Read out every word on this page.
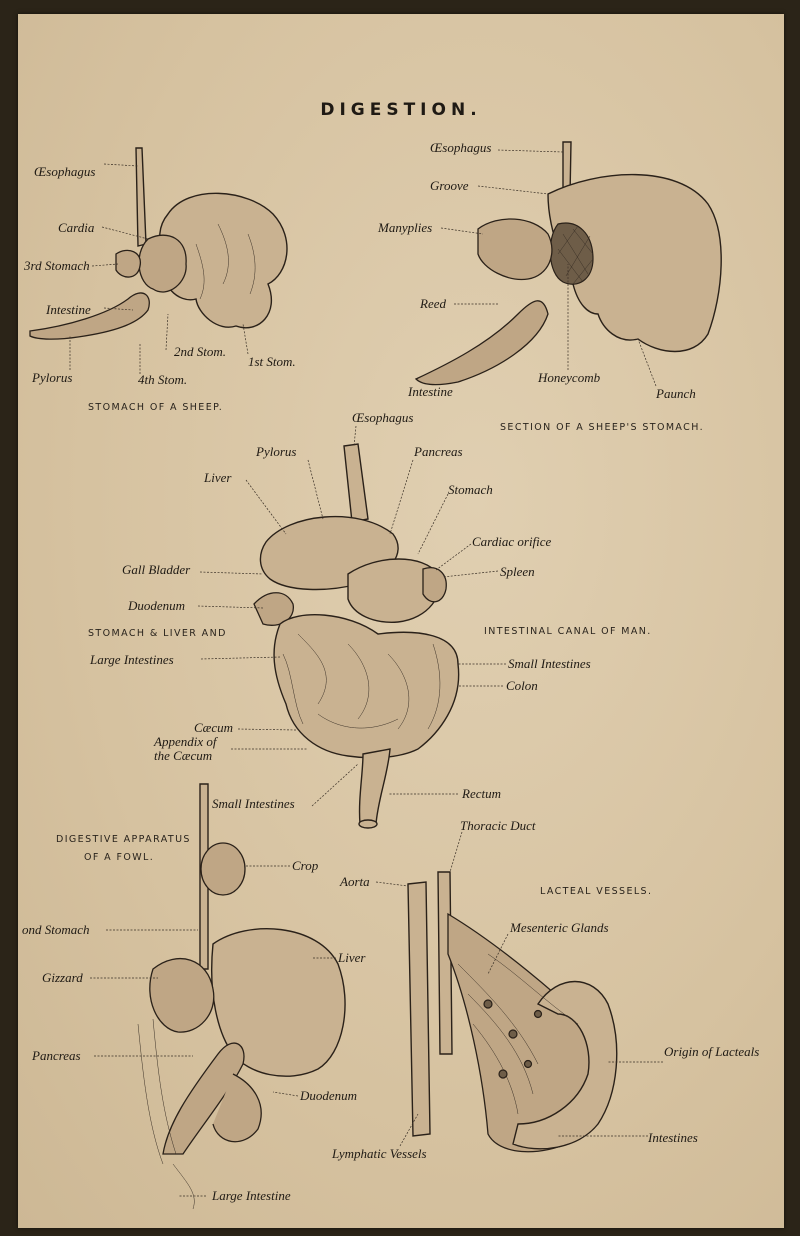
DIGESTION.
STOMACH OF A SHEEP.
SECTION OF A SHEEP'S STOMACH.
STOMACH & LIVER AND	INTESTINAL CANAL OF MAN.
DIGESTIVE APPARATUS
OF A FOWL.
LACTEAL VESSELS.
Œsophagus
Cardia
3rd Stomach
Intestine
2nd Stom.
1st Stom.
Pylorus	4th Stom.
Œsophagus
Groove
Manyplies
Reed
Intestine
Honeycomb
Paunch
Œsophagus
Pylorus	Pancreas
Liver
Stomach
Cardiac orifice
Gall Bladder	Spleen
Duodenum
Large Intestines	Small Intestines
Colon
Cæcum
Appendix of
the Cæcum
Small Intestines
Rectum
Crop
ond Stomach
Liver
Gizzard
Pancreas
Duodenum
Large Intestine
Thoracic Duct
Aorta
Mesenteric Glands
Origin of Lacteals
Intestines
Lymphatic Vessels
